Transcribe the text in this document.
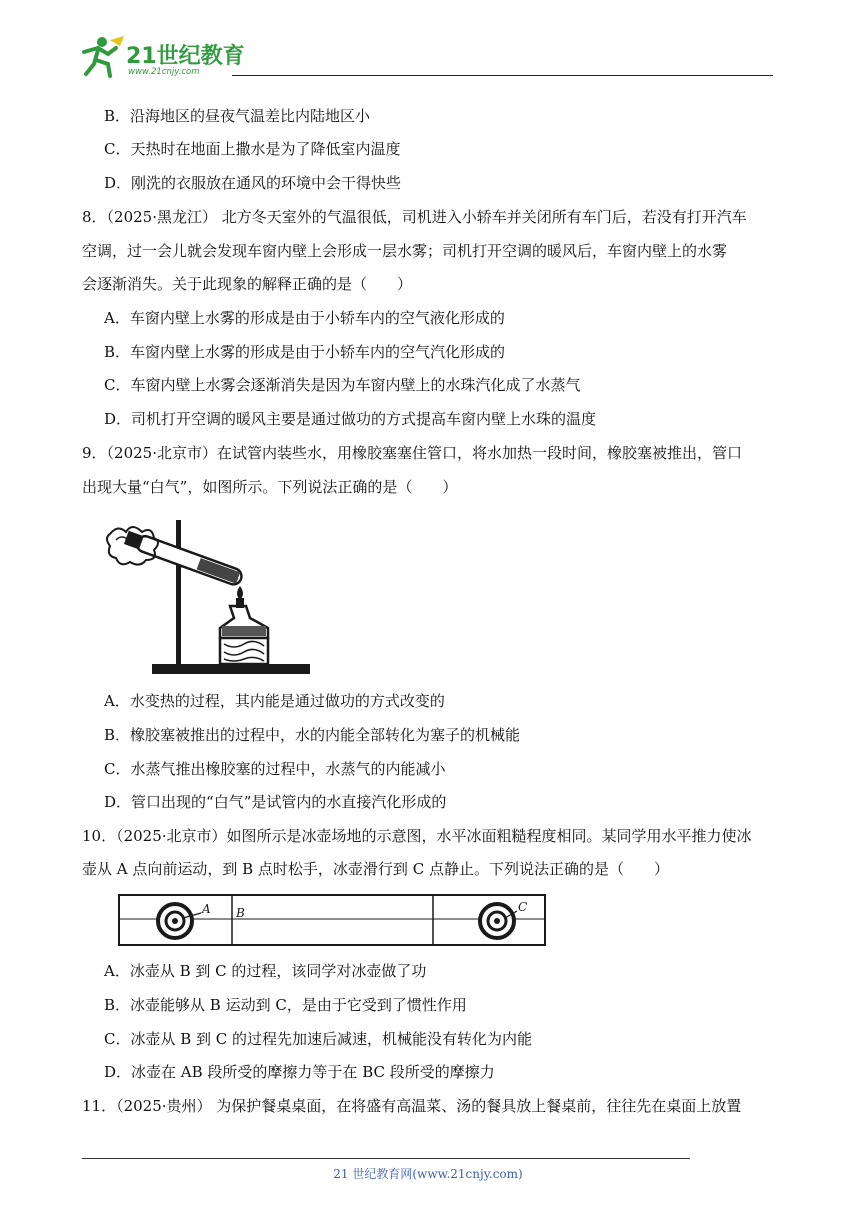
21世纪教育
www.21cnjy.com
B．沿海地区的昼夜气温差比内陆地区小
C．天热时在地面上撒水是为了降低室内温度
D．刚洗的衣服放在通风的环境中会干得快些
8．（2025·黑龙江） 北方冬天室外的气温很低，司机进入小轿车并关闭所有车门后，若没有打开汽车
空调，过一会儿就会发现车窗内壁上会形成一层水雾；司机打开空调的暖风后，车窗内壁上的水雾
会逐渐消失。关于此现象的解释正确的是（　　）
A．车窗内壁上水雾的形成是由于小轿车内的空气液化形成的
B．车窗内壁上水雾的形成是由于小轿车内的空气汽化形成的
C．车窗内壁上水雾会逐渐消失是因为车窗内壁上的水珠汽化成了水蒸气
D．司机打开空调的暖风主要是通过做功的方式提高车窗内壁上水珠的温度
9．（2025·北京市）在试管内装些水，用橡胶塞塞住管口，将水加热一段时间，橡胶塞被推出，管口
出现大量“白气”，如图所示。下列说法正确的是（　　）
A．水变热的过程，其内能是通过做功的方式改变的
B．橡胶塞被推出的过程中，水的内能全部转化为塞子的机械能
C．水蒸气推出橡胶塞的过程中，水蒸气的内能减小
D．管口出现的“白气”是试管内的水直接汽化形成的
10．（2025·北京市）如图所示是冰壶场地的示意图，水平冰面粗糙程度相同。某同学用水平推力使冰
壶从 A 点向前运动，到 B 点时松手，冰壶滑行到 C 点静止。下列说法正确的是（　　）
A B	C
A．冰壶从 B 到 C 的过程，该同学对冰壶做了功
B．冰壶能够从 B 运动到 C，是由于它受到了惯性作用
C．冰壶从 B 到 C 的过程先加速后减速，机械能没有转化为内能
D．冰壶在 AB 段所受的摩擦力等于在 BC 段所受的摩擦力
11．（2025·贵州） 为保护餐桌桌面，在将盛有高温菜、汤的餐具放上餐桌前，往往先在桌面上放置
21 世纪教育网(www.21cnjy.com)
